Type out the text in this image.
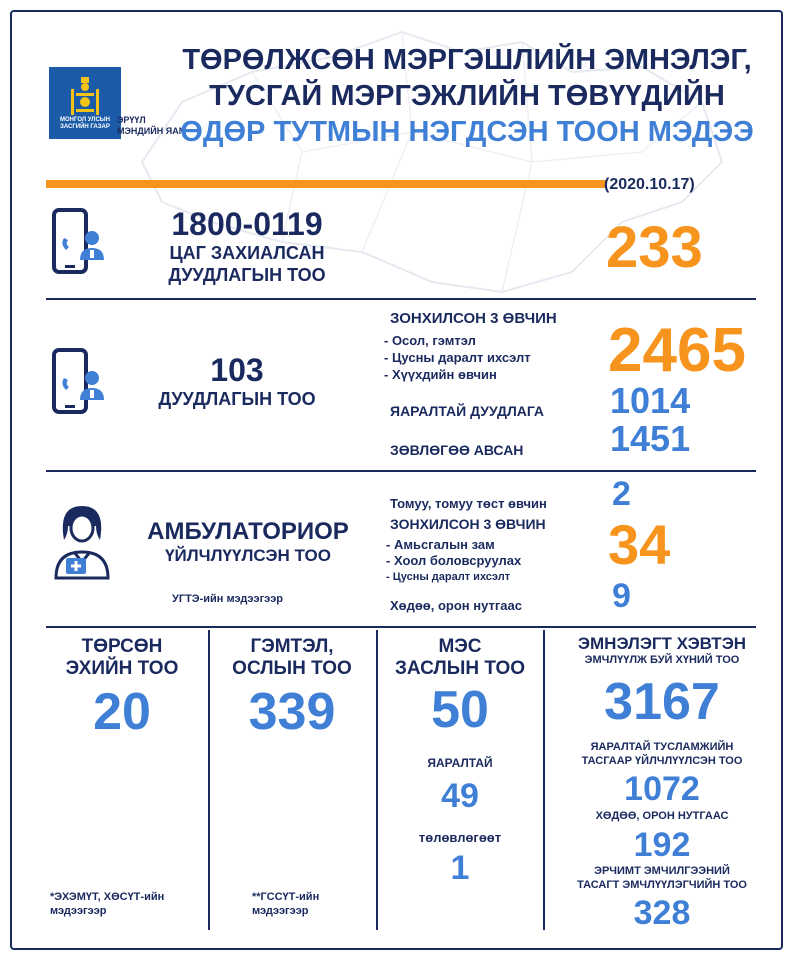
МОНГОЛ УЛСЫН
ЗАСГИЙН ГАЗАР
ЭРҮҮЛ
МЭНДИЙН ЯАМ
ТӨРӨЛЖСӨН МЭРГЭШЛИЙН ЭМНЭЛЭГ,
ТУСГАЙ МЭРГЭЖЛИЙН ТӨВҮҮДИЙН
ӨДӨР ТУТМЫН НЭГДСЭН ТООН МЭДЭЭ
(2020.10.17)
1800-0119
ЦАГ ЗАХИАЛСАН
ДУУДЛАГЫН ТОО	233
103
ДУУДЛАГЫН ТОО
ЗОНХИЛСОН 3 ӨВЧИН
- Осол, гэмтэл
- Цусны даралт ихсэлт
- Хүүхдийн өвчин	2465
ЯАРАЛТАЙ ДУУДЛАГА 1014
ЗӨВЛӨГӨӨ АВСАН 1451
АМБУЛАТОРИОР
ҮЙЛЧЛҮҮЛСЭН ТОО
УГТЭ-ийн мэдээгээр
Томуу, томуу төст өвчин 2
ЗОНХИЛСОН 3 ӨВЧИН
- Амьсгалын зам
- Хоол боловсруулах
- Цусны даралт ихсэлт
34
Хөдөө, орон нутгаас	9
ТӨРСӨН
ЭХИЙН ТОО
20
*ЭХЭМҮТ, ХӨСҮТ-ийн
мэдээгээр
ГЭМТЭЛ,
ОСЛЫН ТОО
339
**ГССҮТ-ийн
мэдээгээр
МЭС
ЗАСЛЫН ТОО
50
ЯАРАЛТАЙ
49
төлөвлөгөөт
1
ЭМНЭЛЭГТ ХЭВТЭН
ЭМЧЛҮҮЛЖ БУЙ ХҮНИЙ ТОО
3167
ЯАРАЛТАЙ ТУСЛАМЖИЙН
ТАСГААР ҮЙЛЧЛҮҮЛСЭН ТОО
1072
ХӨДӨӨ, ОРОН НУТГААС
192
ЭРЧИМТ ЭМЧИЛГЭЭНИЙ
ТАСАГТ ЭМЧЛҮҮЛЭГЧИЙН ТОО
328
